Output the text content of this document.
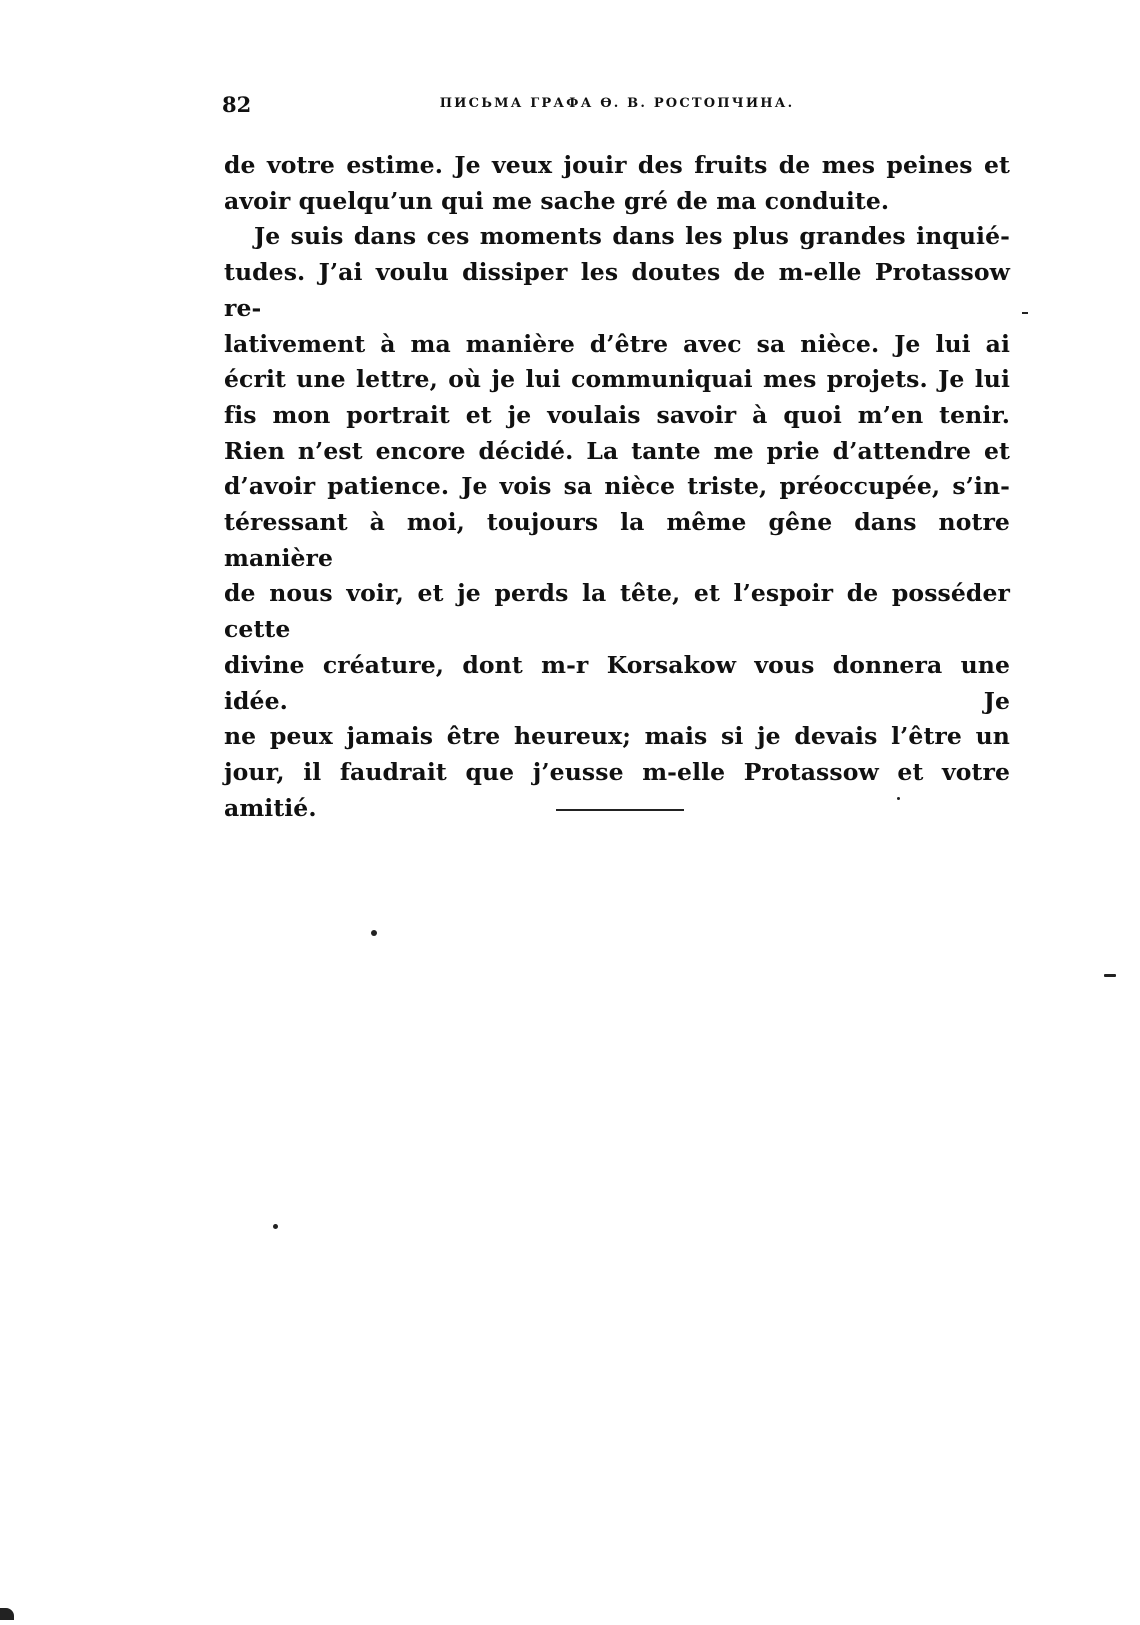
82	ПИСЬМА ГРАФА Ө. В. РОСТОПЧИНА.

de votre estime. Je veux jouir des fruits de mes peines et
avoir quelqu’un qui me sache gré de ma conduite.

Je suis dans ces moments dans les plus grandes inquié-
tudes. J’ai voulu dissiper les doutes de m-elle Protassow re-
lativement à ma manière d’être avec sa nièce. Je lui ai
écrit une lettre, où je lui communiquai mes projets. Je lui
fis mon portrait et je voulais savoir à quoi m’en tenir.
Rien n’est encore décidé. La tante me prie d’attendre et
d’avoir patience. Je vois sa nièce triste, préoccupée, s’in-
téressant à moi, toujours la même gêne dans notre manière
de nous voir, et je perds la tête, et l’espoir de posséder cette
divine créature, dont m-r Korsakow vous donnera une idée. Je
ne peux jamais être heureux; mais si je devais l’être un
jour, il faudrait que j’eusse m-elle Protassow et votre amitié.
